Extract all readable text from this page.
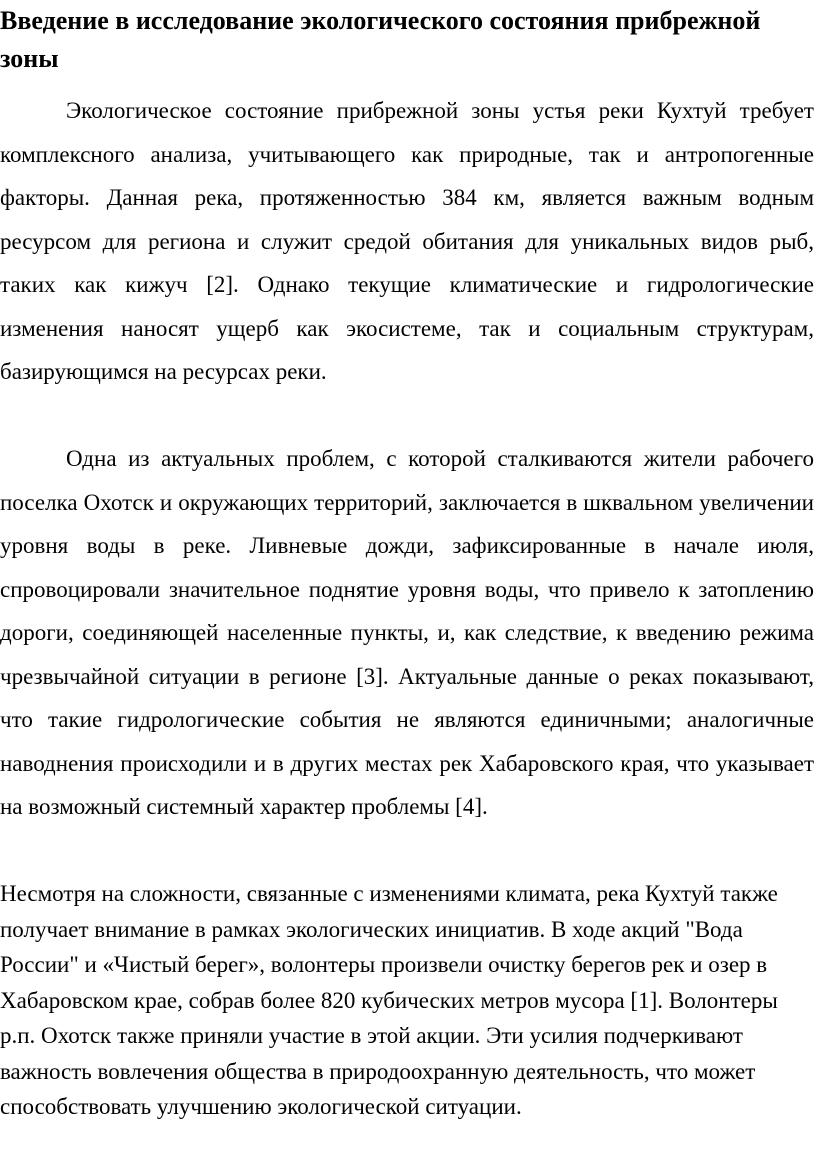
Введение в исследование экологического состояния прибрежной зоны

Экологическое состояние прибрежной зоны устья реки Кухтуй требует комплексного анализа, учитывающего как природные, так и антропогенные факторы. Данная река, протяженностью 384 км, является важным водным ресурсом для региона и служит средой обитания для уникальных видов рыб, таких как кижуч [2]. Однако текущие климатические и гидрологические изменения наносят ущерб как экосистеме, так и социальным структурам, базирующимся на ресурсах реки.

Одна из актуальных проблем, с которой сталкиваются жители рабочего поселка Охотск и окружающих территорий, заключается в шквальном увеличении уровня воды в реке. Ливневые дожди, зафиксированные в начале июля, спровоцировали значительное поднятие уровня воды, что привело к затоплению дороги, соединяющей населенные пункты, и, как следствие, к введению режима чрезвычайной ситуации в регионе [3]. Актуальные данные о реках показывают, что такие гидрологические события не являются единичными; аналогичные наводнения происходили и в других местах рек Хабаровского края, что указывает на возможный системный характер проблемы [4].

Несмотря на сложности, связанные с изменениями климата, река Кухтуй также получает внимание в рамках экологических инициатив. В ходе акций "Вода России" и «Чистый берег», волонтеры произвели очистку берегов рек и озер в Хабаровском крае, собрав более 820 кубических метров мусора [1]. Волонтеры р.п. Охотск также приняли участие в этой акции. Эти усилия подчеркивают важность вовлечения общества в природоохранную деятельность, что может способствовать улучшению экологической ситуации.
